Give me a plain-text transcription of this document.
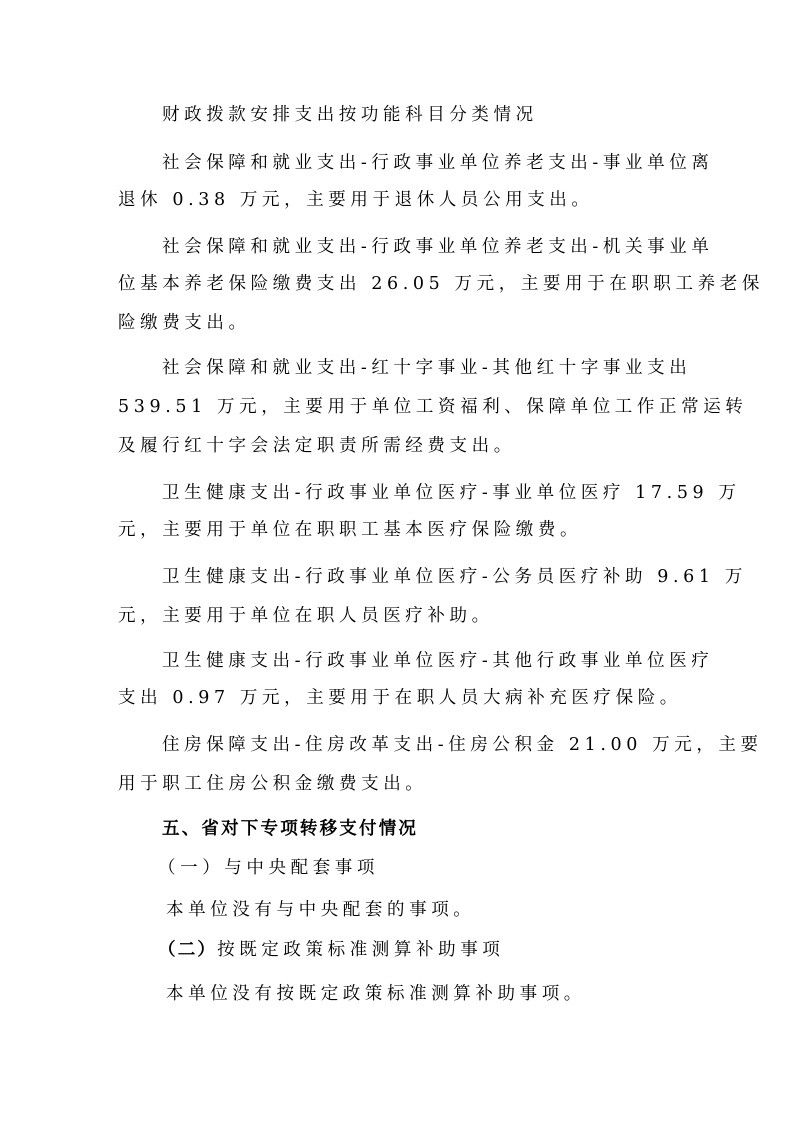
财政拨款安排支出按功能科目分类情况
社会保障和就业支出-行政事业单位养老支出-事业单位离
退休 0.38 万元，主要用于退休人员公用支出。
社会保障和就业支出-行政事业单位养老支出-机关事业单
位基本养老保险缴费支出 26.05 万元，主要用于在职职工养老保
险缴费支出。
社会保障和就业支出-红十字事业-其他红十字事业支出
539.51 万元，主要用于单位工资福利、保障单位工作正常运转
及履行红十字会法定职责所需经费支出。
卫生健康支出-行政事业单位医疗-事业单位医疗 17.59 万
元，主要用于单位在职职工基本医疗保险缴费。
卫生健康支出-行政事业单位医疗-公务员医疗补助 9.61 万
元，主要用于单位在职人员医疗补助。
卫生健康支出-行政事业单位医疗-其他行政事业单位医疗
支出 0.97 万元，主要用于在职人员大病补充医疗保险。
住房保障支出-住房改革支出-住房公积金 21.00 万元，主要
用于职工住房公积金缴费支出。
五、省对下专项转移支付情况
（一）与中央配套事项
本单位没有与中央配套的事项。
（二）按既定政策标准测算补助事项
本单位没有按既定政策标准测算补助事项。
